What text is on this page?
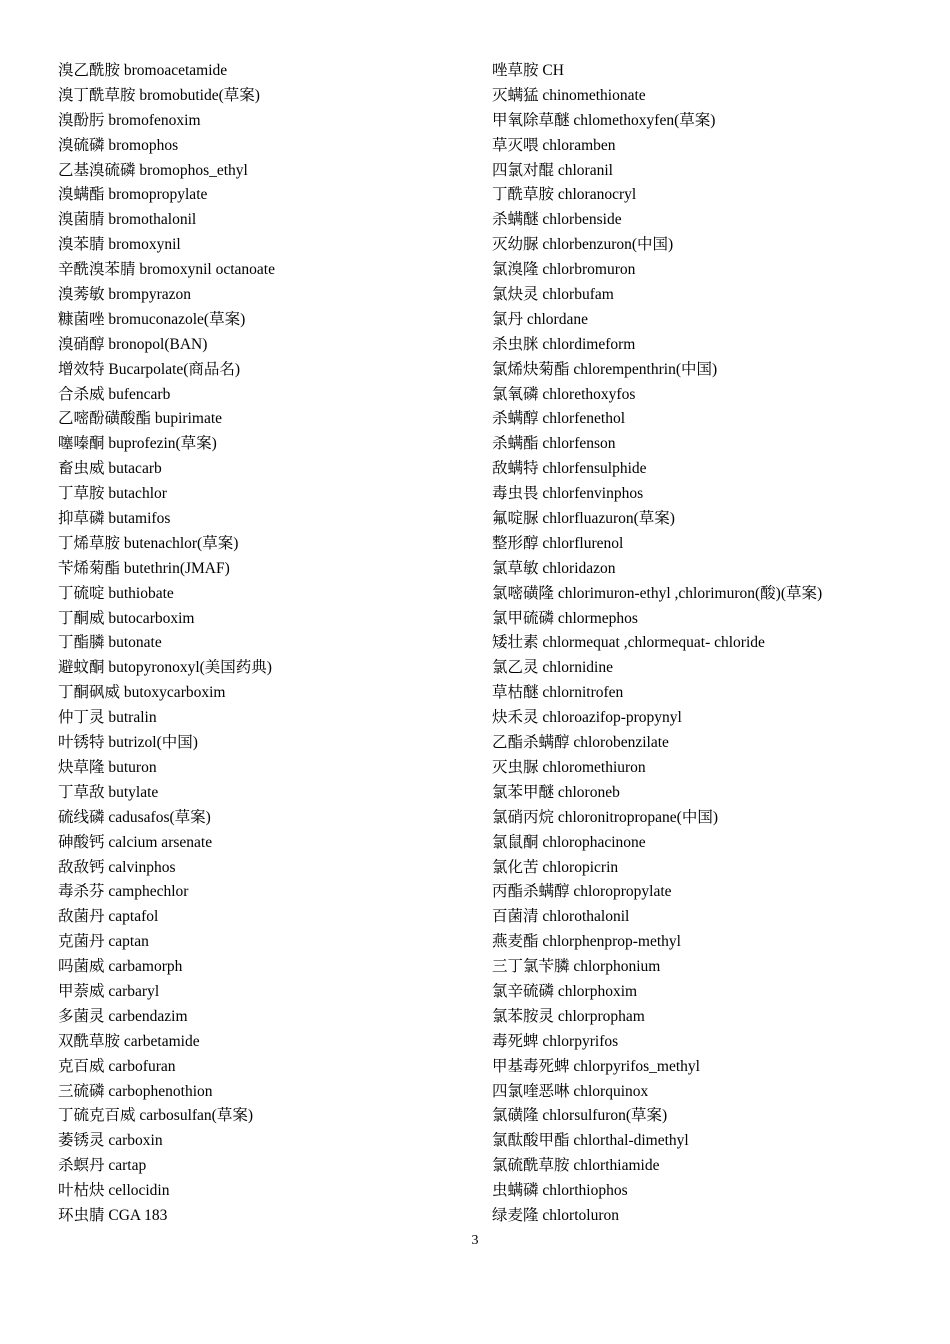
溴乙酰胺 bromoacetamide
溴丁酰草胺 bromobutide(草案)
溴酚肟 bromofenoxim
溴硫磷 bromophos
乙基溴硫磷 bromophos_ethyl
溴螨酯 bromopropylate
溴菌腈 bromothalonil
溴苯腈 bromoxynil
辛酰溴苯腈 bromoxynil octanoate
溴莠敏 brompyrazon
糠菌唑 bromuconazole(草案)
溴硝醇 bronopol(BAN)
增效特 Bucarpolate(商品名)
合杀威 bufencarb
乙嘧酚磺酸酯 bupirimate
噻嗪酮 buprofezin(草案)
畜虫威 butacarb
丁草胺 butachlor
抑草磷 butamifos
丁烯草胺 butenachlor(草案)
苄烯菊酯 butethrin(JMAF)
丁硫啶 buthiobate
丁酮威 butocarboxim
丁酯膦 butonate
避蚊酮 butopyronoxyl(美国药典)
丁酮砜威 butoxycarboxim
仲丁灵 butralin
叶锈特 butrizol(中国)
炔草隆 buturon
丁草敌 butylate
硫线磷 cadusafos(草案)
砷酸钙 calcium arsenate
敌敌钙 calvinphos
毒杀芬 camphechlor
敌菌丹 captafol
克菌丹 captan
吗菌威 carbamorph
甲萘威 carbaryl
多菌灵 carbendazim
双酰草胺 carbetamide
克百威 carbofuran
三硫磷 carbophenothion
丁硫克百威 carbosulfan(草案)
萎锈灵 carboxin
杀螟丹 cartap
叶枯炔 cellocidin
环虫腈 CGA 183
唑草胺 CH
灭螨猛 chinomethionate
甲氧除草醚 chlomethoxyfen(草案)
草灭喂 chloramben
四氯对醌 chloranil
丁酰草胺 chloranocryl
杀螨醚 chlorbenside
灭幼脲 chlorbenzuron(中国)
氯溴隆 chlorbromuron
氯炔灵 chlorbufam
氯丹 chlordane
杀虫脒 chlordimeform
氯烯炔菊酯 chlorempenthrin(中国)
氯氧磷 chlorethoxyfos
杀螨醇 chlorfenethol
杀螨酯 chlorfenson
敌螨特 chlorfensulphide
毒虫畏 chlorfenvinphos
氟啶脲 chlorfluazuron(草案)
整形醇 chlorflurenol
氯草敏 chloridazon
氯嘧磺隆 chlorimuron-ethyl ,chlorimuron(酸)(草案)
氯甲硫磷 chlormephos
矮壮素 chlormequat ,chlormequat- chloride
氯乙灵 chlornidine
草枯醚 chlornitrofen
炔禾灵 chloroazifop-propynyl
乙酯杀螨醇 chlorobenzilate
灭虫脲 chloromethiuron
氯苯甲醚 chloroneb
氯硝丙烷 chloronitropropane(中国)
氯鼠酮 chlorophacinone
氯化苦 chloropicrin
丙酯杀螨醇 chloropropylate
百菌清 chlorothalonil
燕麦酯 chlorphenprop-methyl
三丁氯苄膦 chlorphonium
氯辛硫磷 chlorphoxim
氯苯胺灵 chlorpropham
毒死蜱 chlorpyrifos
甲基毒死蜱 chlorpyrifos_methyl
四氯喹恶啉 chlorquinox
氯磺隆 chlorsulfuron(草案)
氯酞酸甲酯 chlorthal-dimethyl
氯硫酰草胺 chlorthiamide
虫螨磷 chlorthiophos
绿麦隆 chlortoluron
3
